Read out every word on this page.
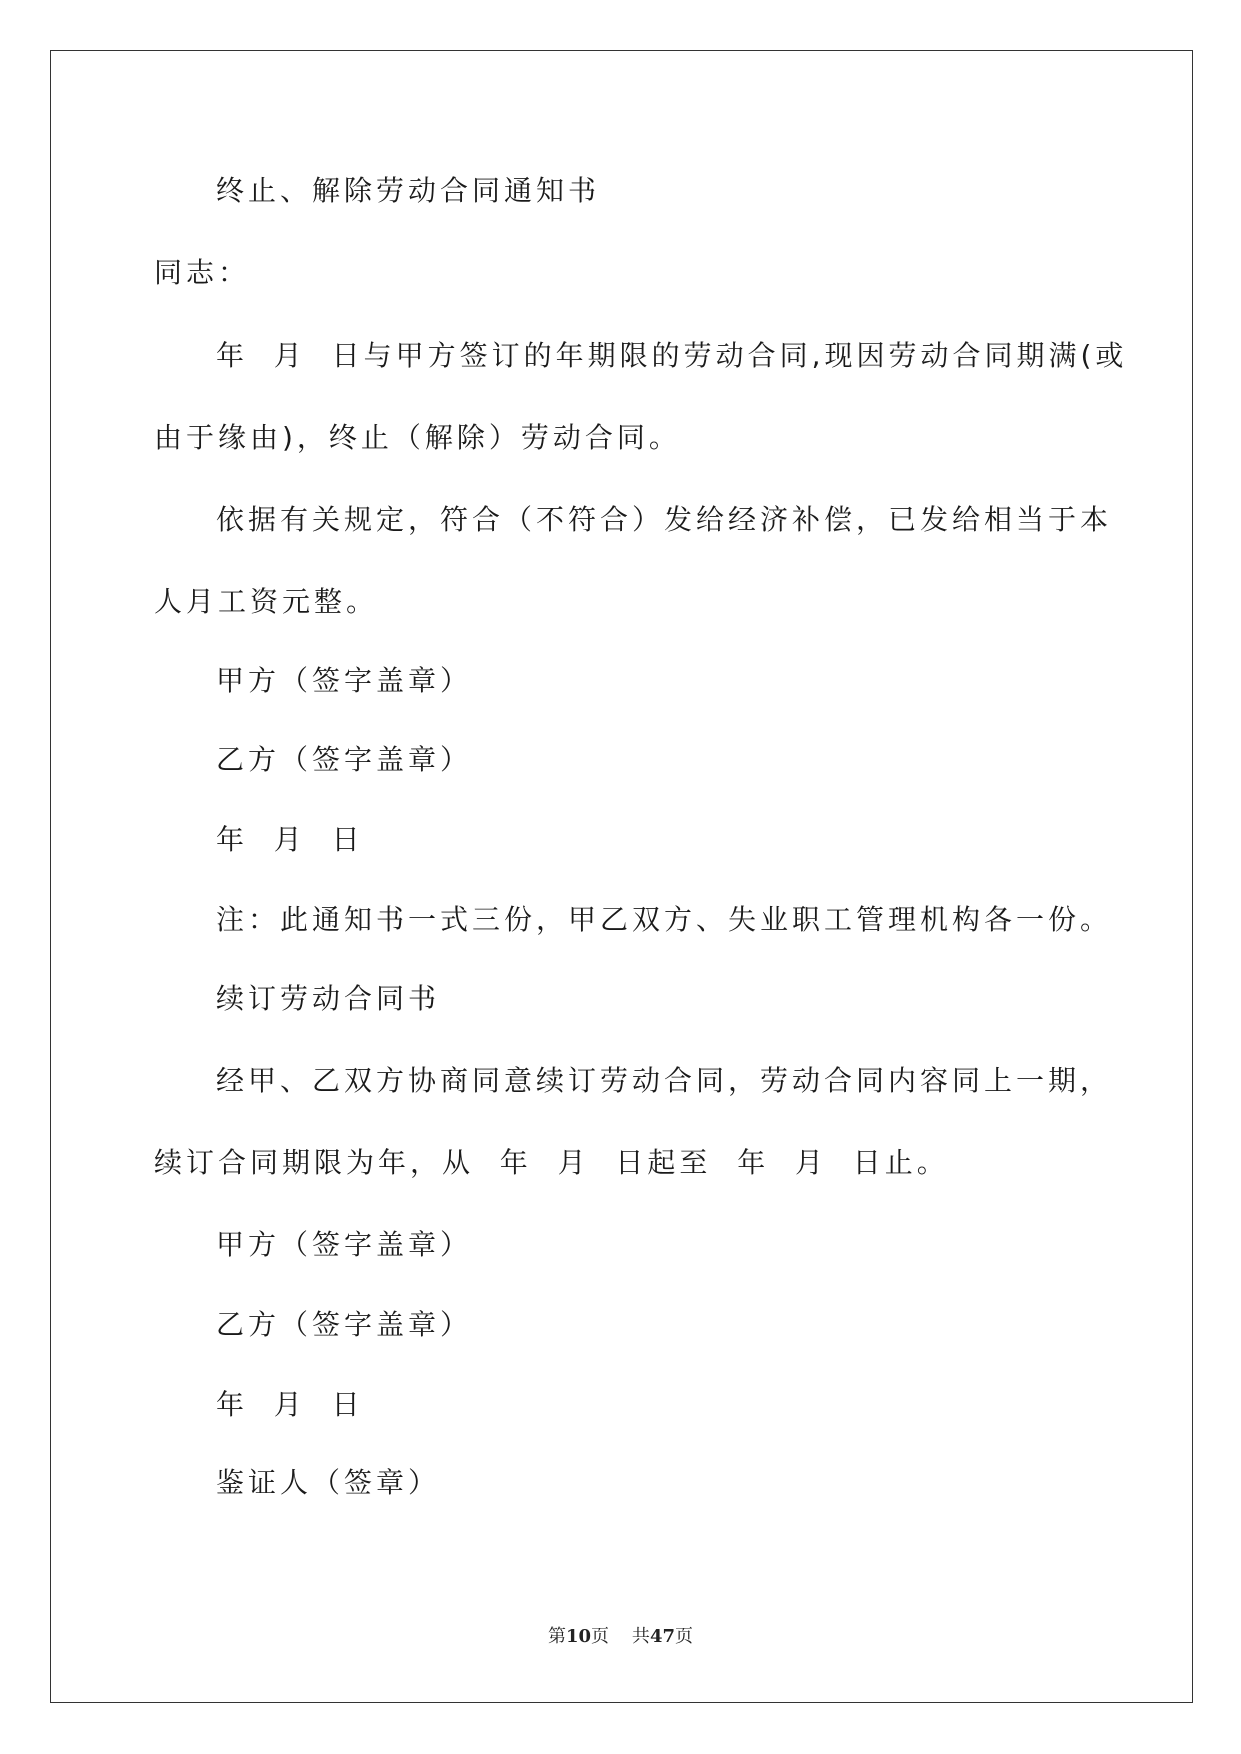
终止、解除劳动合同通知书
同志：
年  月  日与甲方签订的年期限的劳动合同,现因劳动合同期满(或
由于缘由)，终止（解除）劳动合同。
依据有关规定，符合（不符合）发给经济补偿，已发给相当于本
人月工资元整。
甲方（签字盖章）
乙方（签字盖章）
年  月  日
注：此通知书一式三份，甲乙双方、失业职工管理机构各一份。
续订劳动合同书
经甲、乙双方协商同意续订劳动合同，劳动合同内容同上一期，
续订合同期限为年，从  年  月  日起至  年  月  日止。
甲方（签字盖章）
乙方（签字盖章）
年  月  日
鉴证人（签章）
第10页    共47页
